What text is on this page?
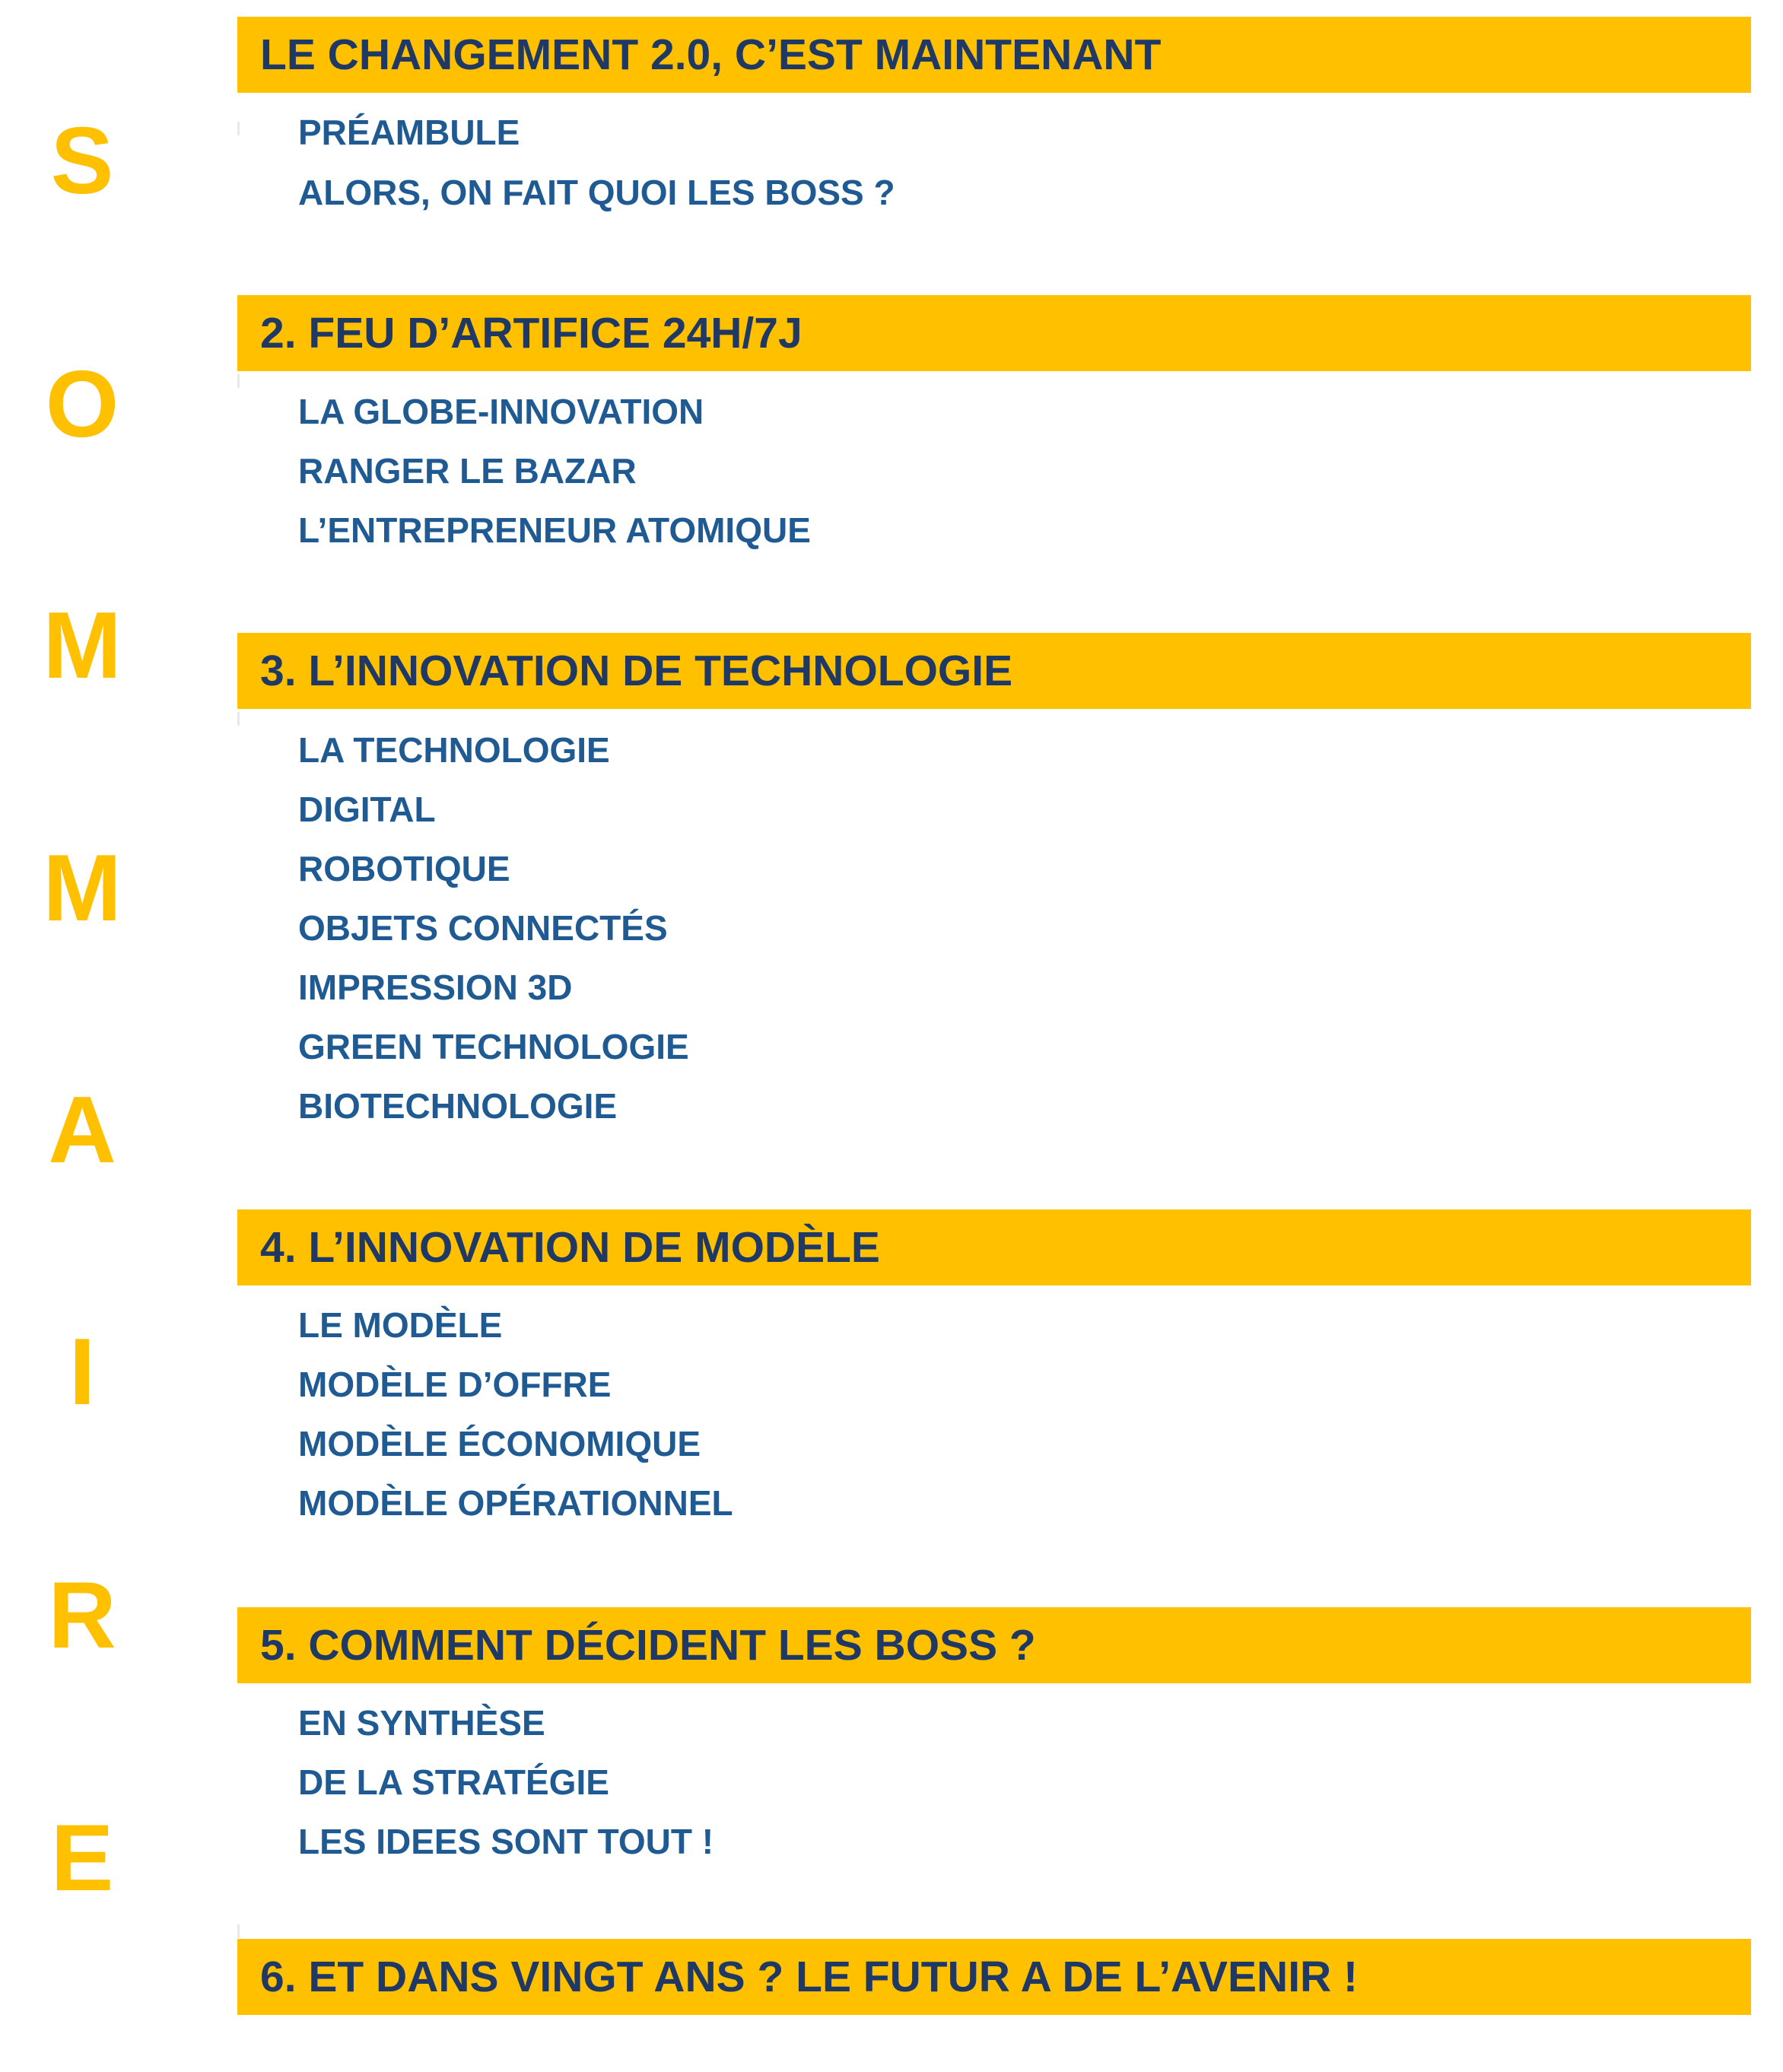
S
O
M
M
A
I
R
E
LE CHANGEMENT 2.0, C’EST MAINTENANT
PRÉAMBULE
ALORS, ON FAIT QUOI LES BOSS ?
2. FEU D’ARTIFICE 24H/7J
LA GLOBE-INNOVATION
RANGER LE BAZAR
L’ENTREPRENEUR ATOMIQUE
3. L’INNOVATION DE TECHNOLOGIE
LA TECHNOLOGIE
DIGITAL
ROBOTIQUE
OBJETS CONNECTÉS
IMPRESSION 3D
GREEN TECHNOLOGIE
BIOTECHNOLOGIE
4. L’INNOVATION DE MODÈLE
LE MODÈLE
MODÈLE D’OFFRE
MODÈLE ÉCONOMIQUE
MODÈLE OPÉRATIONNEL
5. COMMENT DÉCIDENT LES BOSS ?
EN SYNTHÈSE
DE LA STRATÉGIE
LES IDEES SONT TOUT !
6. ET DANS VINGT ANS ? LE FUTUR A DE L’AVENIR !
